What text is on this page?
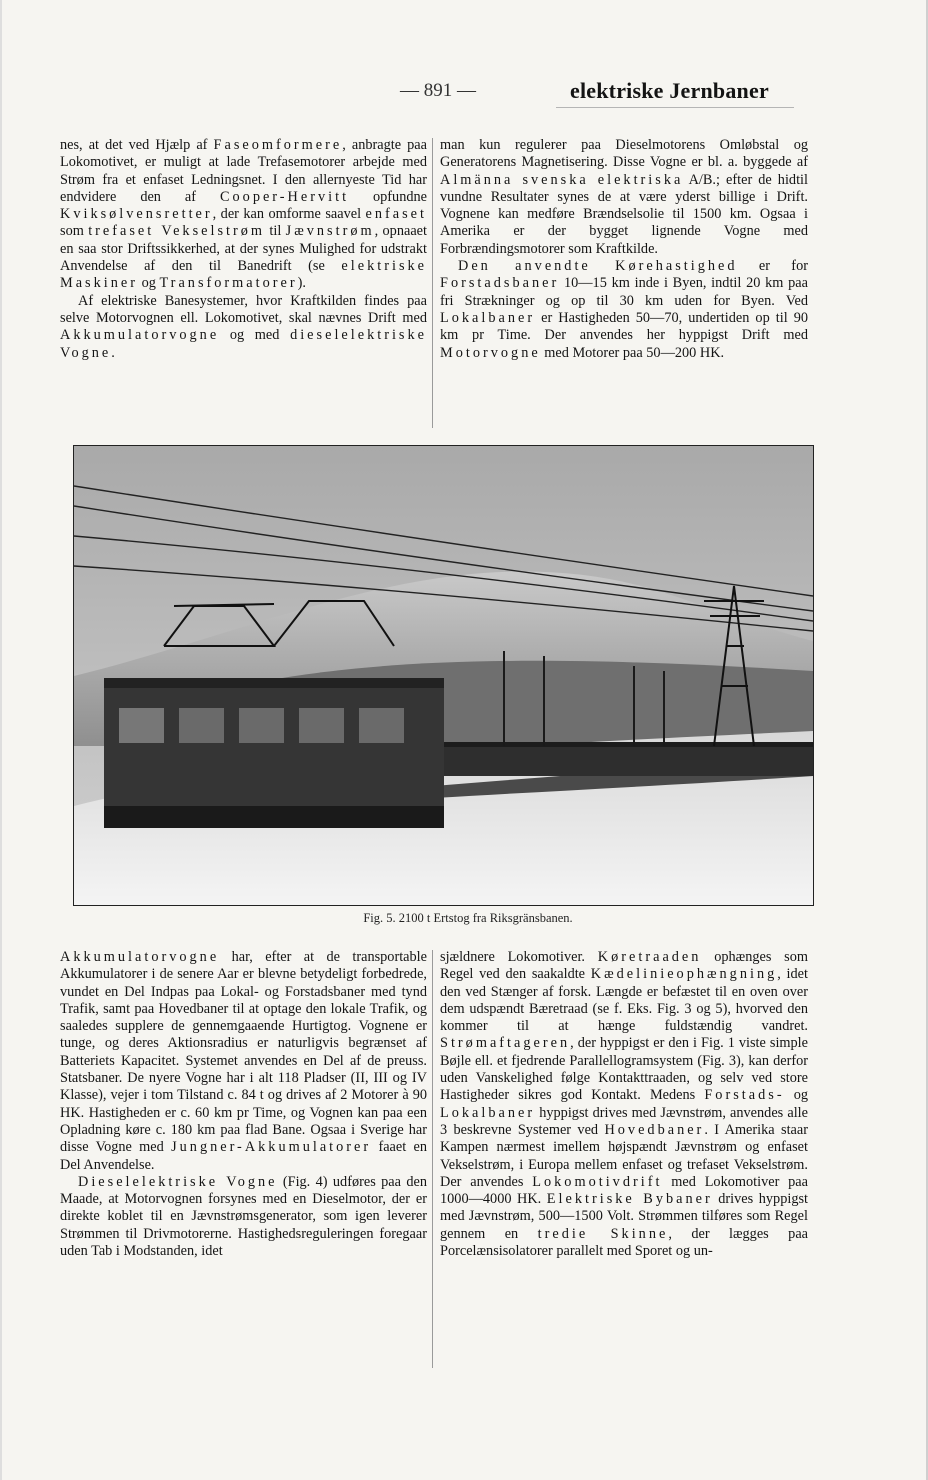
— 891 —	elektriske Jernbaner

nes, at det ved Hjælp af Faseomformere, anbragte paa Lokomotivet, er muligt at lade Trefasemotorer arbejde med Strøm fra et enfaset Ledningsnet. I den allernyeste Tid har endvidere den af Cooper-Hervitt opfundne Kviksølvensretter, der kan omforme saavel enfaset som trefaset Vekselstrøm til Jævnstrøm, opnaaet en saa stor Driftssikkerhed, at der synes Mulighed for udstrakt Anvendelse af den til Banedrift (se elektriske Maskiner og Transformatorer).

Af elektriske Banesystemer, hvor Kraftkilden findes paa selve Motorvognen ell. Lokomotivet, skal nævnes Drift med Akkumulatorvogne og med dieselelektriske Vogne.

man kun regulerer paa Dieselmotorens Omløbstal og Generatorens Magnetisering. Disse Vogne er bl. a. byggede af Almänna svenska elektriska A/B.; efter de hidtil vundne Resultater synes de at være yderst billige i Drift. Vognene kan medføre Brændselsolie til 1500 km. Ogsaa i Amerika er der bygget lignende Vogne med Forbrændingsmotorer som Kraftkilde.

Den anvendte Kørehastighed er for Forstadsbaner 10—15 km inde i Byen, indtil 20 km paa fri Strækninger og op til 30 km uden for Byen. Ved Lokalbaner er Hastigheden 50—70, undertiden op til 90 km pr Time. Der anvendes her hyppigst Drift med Motorvogne med Motorer paa 50—200 HK.

Fig. 5. 2100 t Ertstog fra Riksgränsbanen.

Akkumulatorvogne har, efter at de transportable Akkumulatorer i de senere Aar er blevne betydeligt forbedrede, vundet en Del Indpas paa Lokal- og Forstadsbaner med tynd Trafik, samt paa Hovedbaner til at optage den lokale Trafik, og saaledes supplere de gennemgaaende Hurtigtog. Vognene er tunge, og deres Aktionsradius er naturligvis begrænset af Batteriets Kapacitet. Systemet anvendes en Del af de preuss. Statsbaner. De nyere Vogne har i alt 118 Pladser (II, III og IV Klasse), vejer i tom Tilstand c. 84 t og drives af 2 Motorer à 90 HK. Hastigheden er c. 60 km pr Time, og Vognen kan paa een Opladning køre c. 180 km paa flad Bane. Ogsaa i Sverige har disse Vogne med Jungner-Akkumulatorer faaet en Del Anvendelse.

Dieselelektriske Vogne (Fig. 4) udføres paa den Maade, at Motorvognen forsynes med en Dieselmotor, der er direkte koblet til en Jævnstrømsgenerator, som igen leverer Strømmen til Drivmotorerne. Hastighedsreguleringen foregaar uden Tab i Modstanden, idet

sjældnere Lokomotiver. Køretraaden ophænges som Regel ved den saakaldte Kædelinieophængning, idet den ved Stænger af forsk. Længde er befæstet til en oven over dem udspændt Bæretraad (se f. Eks. Fig. 3 og 5), hvorved den kommer til at hænge fuldstændig vandret. Strømaftageren, der hyppigst er den i Fig. 1 viste simple Bøjle ell. et fjedrende Parallellogramsystem (Fig. 3), kan derfor uden Vanskelighed følge Kontakttraaden, og selv ved store Hastigheder sikres god Kontakt. Medens Forstads- og Lokalbaner hyppigst drives med Jævnstrøm, anvendes alle 3 beskrevne Systemer ved Hovedbaner. I Amerika staar Kampen nærmest imellem højspændt Jævnstrøm og enfaset Vekselstrøm, i Europa mellem enfaset og trefaset Vekselstrøm. Der anvendes Lokomotivdrift med Lokomotiver paa 1000—4000 HK. Elektriske Bybaner drives hyppigst med Jævnstrøm, 500—1500 Volt. Strømmen tilføres som Regel gennem en tredie Skinne, der lægges paa Porcelænsisolatorer parallelt med Sporet og un-
